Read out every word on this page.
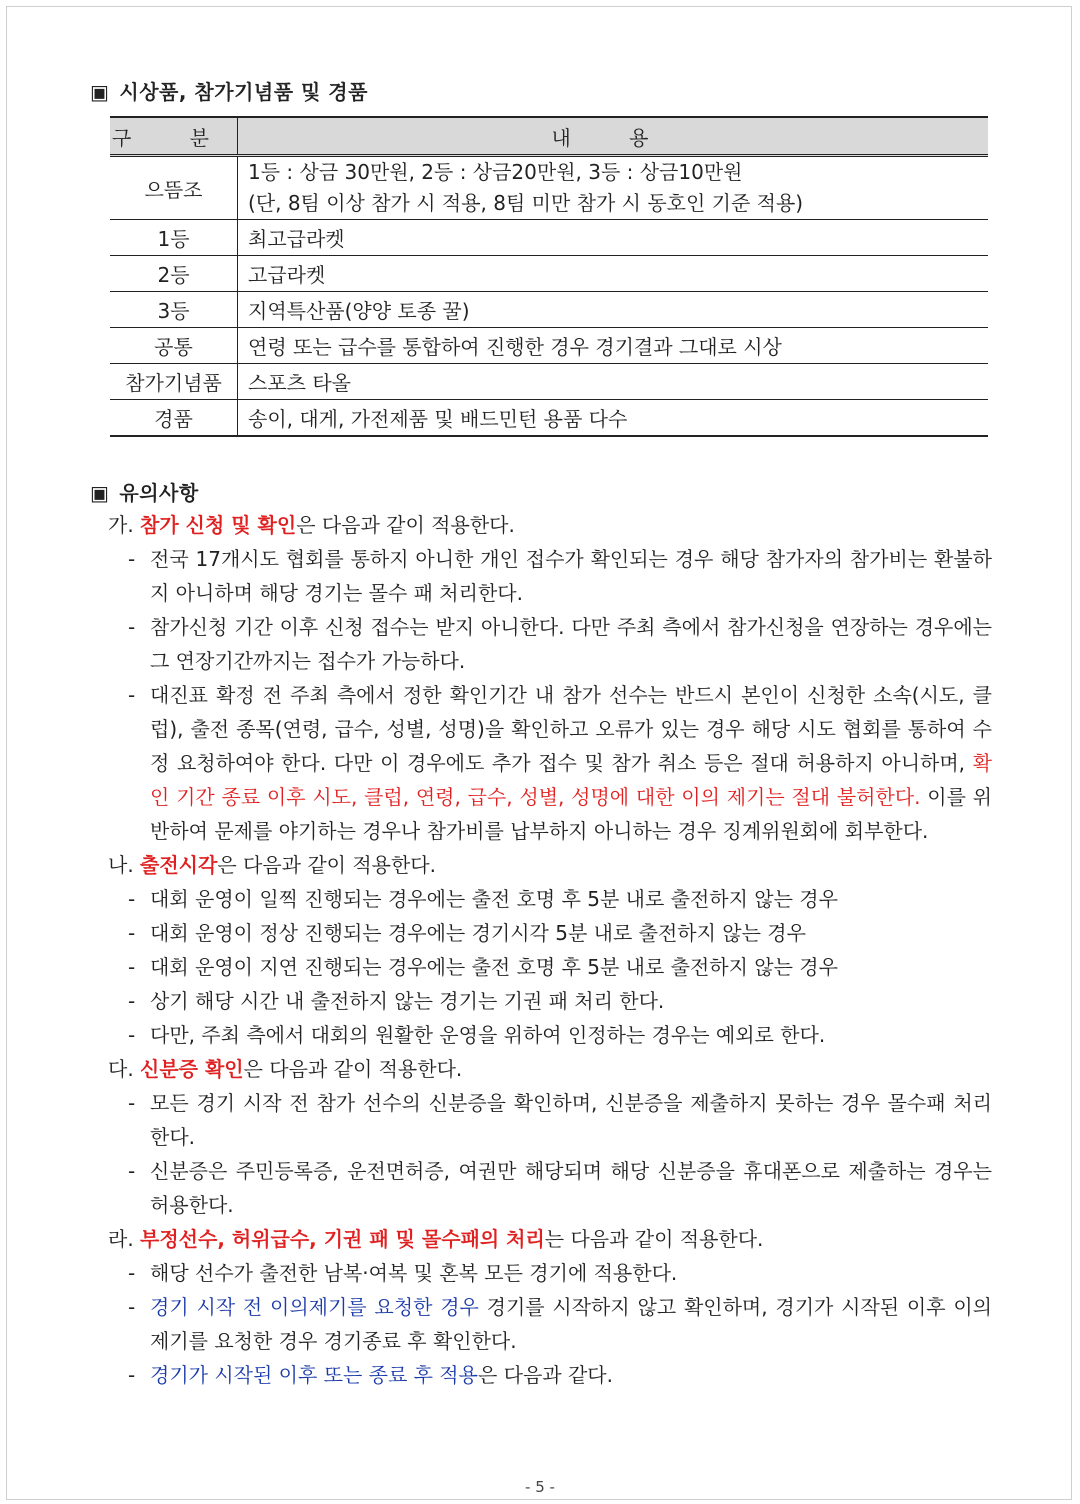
▣ 시상품, 참가기념품 및 경품
구 분	내 용
으뜸조	1등 : 상금 30만원, 2등 : 상금20만원, 3등 : 상금10만원
(단, 8팀 이상 참가 시 적용, 8팀 미만 참가 시 동호인 기준 적용)

1등	최고급라켓
2등	고급라켓
3등	지역특산품(양양 토종 꿀)
공통	연령 또는 급수를 통합하여 진행한 경우 경기결과 그대로 시상
참가기념품	스포츠 타올
경품	송이, 대게, 가전제품 및 배드민턴 용품 다수
▣ 유의사항

가. 참가 신청 및 확인은 다음과 같이 적용한다.

- 전국 17개시도 협회를 통하지 아니한 개인 접수가 확인되는 경우 해당 참가자의 참가비는 환불하지 아니하며 해당 경기는 몰수 패 처리한다.

- 참가신청 기간 이후 신청 접수는 받지 아니한다. 다만 주최 측에서 참가신청을 연장하는 경우에는 그 연장기간까지는 접수가 가능하다.

- 대진표 확정 전 주최 측에서 정한 확인기간 내 참가 선수는 반드시 본인이 신청한 소속(시도, 클럽), 출전 종목(연령, 급수, 성별, 성명)을 확인하고 오류가 있는 경우 해당 시도 협회를 통하여 수정 요청하여야 한다. 다만 이 경우에도 추가 접수 및 참가 취소 등은 절대 허용하지 아니하며, 확인 기간 종료 이후 시도, 클럽, 연령, 급수, 성별, 성명에 대한 이의 제기는 절대 불허한다. 이를 위반하여 문제를 야기하는 경우나 참가비를 납부하지 아니하는 경우 징계위원회에 회부한다.

나. 출전시각은 다음과 같이 적용한다.

- 대회 운영이 일찍 진행되는 경우에는 출전 호명 후 5분 내로 출전하지 않는 경우

- 대회 운영이 정상 진행되는 경우에는 경기시각 5분 내로 출전하지 않는 경우

- 대회 운영이 지연 진행되는 경우에는 출전 호명 후 5분 내로 출전하지 않는 경우

- 상기 해당 시간 내 출전하지 않는 경기는 기권 패 처리 한다.

- 다만, 주최 측에서 대회의 원활한 운영을 위하여 인정하는 경우는 예외로 한다.

다. 신분증 확인은 다음과 같이 적용한다.

- 모든 경기 시작 전 참가 선수의 신분증을 확인하며, 신분증을 제출하지 못하는 경우 몰수패 처리한다.

- 신분증은 주민등록증, 운전면허증, 여권만 해당되며 해당 신분증을 휴대폰으로 제출하는 경우는 허용한다.

라. 부정선수, 허위급수, 기권 패 및 몰수패의 처리는 다음과 같이 적용한다.

- 해당 선수가 출전한 남복·여복 및 혼복 모든 경기에 적용한다.

- 경기 시작 전 이의제기를 요청한 경우 경기를 시작하지 않고 확인하며, 경기가 시작된 이후 이의제기를 요청한 경우 경기종료 후 확인한다.

- 경기가 시작된 이후 또는 종료 후 적용은 다음과 같다.

- 5 -
